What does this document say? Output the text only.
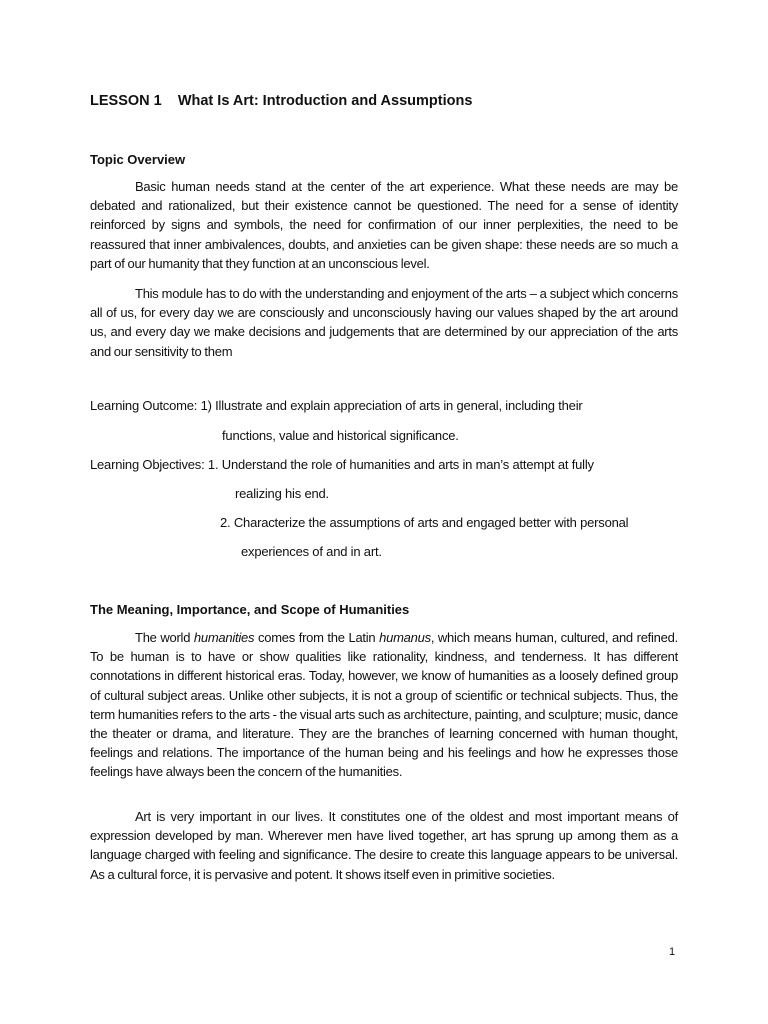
LESSON 1    What Is Art: Introduction and Assumptions
Topic Overview
Basic human needs stand at the center of the art experience. What these needs are may be debated and rationalized, but their existence cannot be questioned. The need for a sense of identity reinforced by signs and symbols, the need for confirmation of our inner perplexities, the need to be reassured that inner ambivalences, doubts, and anxieties can be given shape: these needs are so much a part of our humanity that they function at an unconscious level.
This module has to do with the understanding and enjoyment of the arts – a subject which concerns all of us, for every day we are consciously and unconsciously having our values shaped by the art around us, and every day we make decisions and judgements that are determined by our appreciation of the arts and our sensitivity to them
Learning Outcome: 1) Illustrate and explain appreciation of arts in general, including their
functions, value and historical significance.
Learning Objectives: 1. Understand the role of humanities and arts in man’s attempt at fully
realizing his end.
2. Characterize the assumptions of arts and engaged better with personal
experiences of and in art.
The Meaning, Importance, and Scope of Humanities
The world humanities comes from the Latin humanus, which means human, cultured, and refined. To be human is to have or show qualities like rationality, kindness, and tenderness. It has different connotations in different historical eras. Today, however, we know of humanities as a loosely defined group of cultural subject areas. Unlike other subjects, it is not a group of scientific or technical subjects. Thus, the term humanities refers to the arts - the visual arts such as architecture, painting, and sculpture; music, dance the theater or drama, and literature. They are the branches of learning concerned with human thought, feelings and relations. The importance of the human being and his feelings and how he expresses those feelings have always been the concern of the humanities.
Art is very important in our lives. It constitutes one of the oldest and most important means of expression developed by man. Wherever men have lived together, art has sprung up among them as a language charged with feeling and significance. The desire to create this language appears to be universal. As a cultural force, it is pervasive and potent. It shows itself even in primitive societies.
1
